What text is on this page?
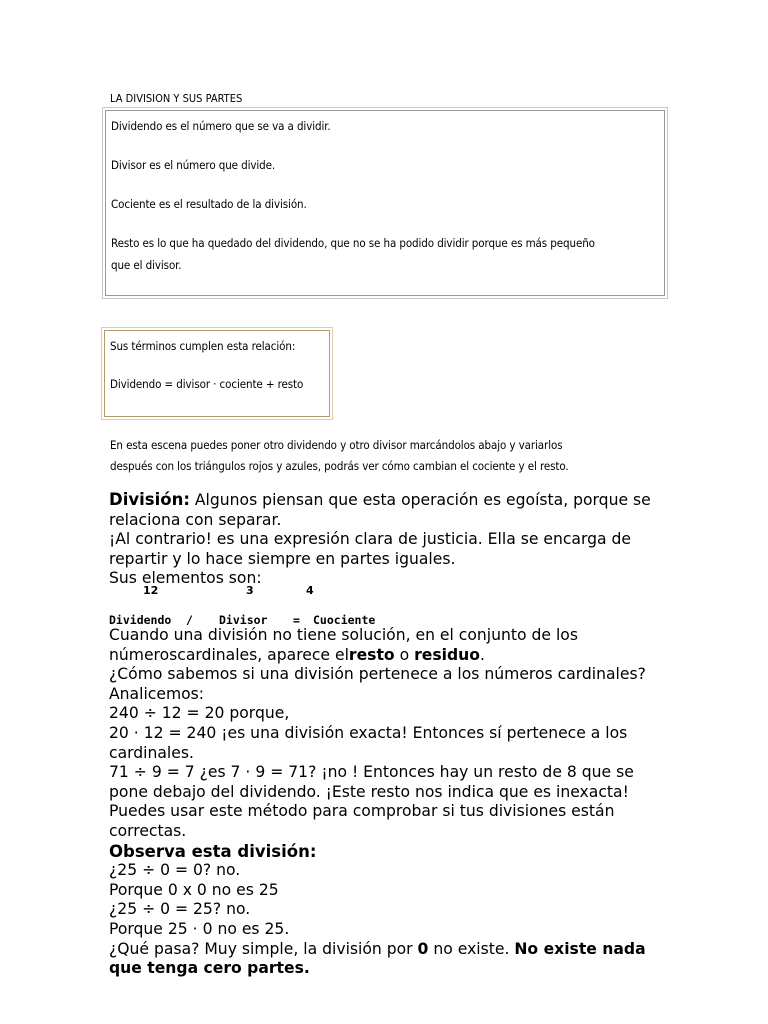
LA DIVISION Y SUS PARTES

Dividendo es el número que se va a dividir.

Divisor es el número que divide.

Cociente es el resultado de la división.

Resto es lo que ha quedado del dividendo, que no se ha podido dividir porque es más pequeño

que el divisor.

Sus términos cumplen esta relación:

Dividendo = divisor · cociente + resto

En esta escena puedes poner otro dividendo y otro divisor marcándolos abajo y variarlos
después con los triángulos rojos y azules, podrás ver cómo cambian el cociente y el resto.

División: Algunos piensan que esta operación es egoísta, porque se relaciona con separar.

¡Al contrario! es una expresión clara de justicia. Ella se encarga de repartir y lo hace siempre en partes iguales.

Sus elementos son:

12	3	4
Dividendo / Divisor = Cuociente

Cuando una división no tiene solución, en el conjunto de los númeroscardinales, aparece elresto o residuo.

¿Cómo sabemos si una división pertenece a los números cardinales? Analicemos:

240 ÷ 12 = 20 porque,

20 · 12 = 240 ¡es una división exacta! Entonces sí pertenece a los cardinales.

71 ÷ 9 = 7 ¿es 7 · 9 = 71? ¡no ! Entonces hay un resto de 8 que se pone debajo del dividendo. ¡Este resto nos indica que es inexacta! Puedes usar este método para comprobar si tus divisiones están correctas.

Observa esta división:

¿25 ÷ 0 = 0? no.

Porque 0 x 0 no es 25

¿25 ÷ 0 = 25? no.

Porque 25 · 0 no es 25.

¿Qué pasa? Muy simple, la división por 0 no existe. No existe nada que tenga cero partes.
